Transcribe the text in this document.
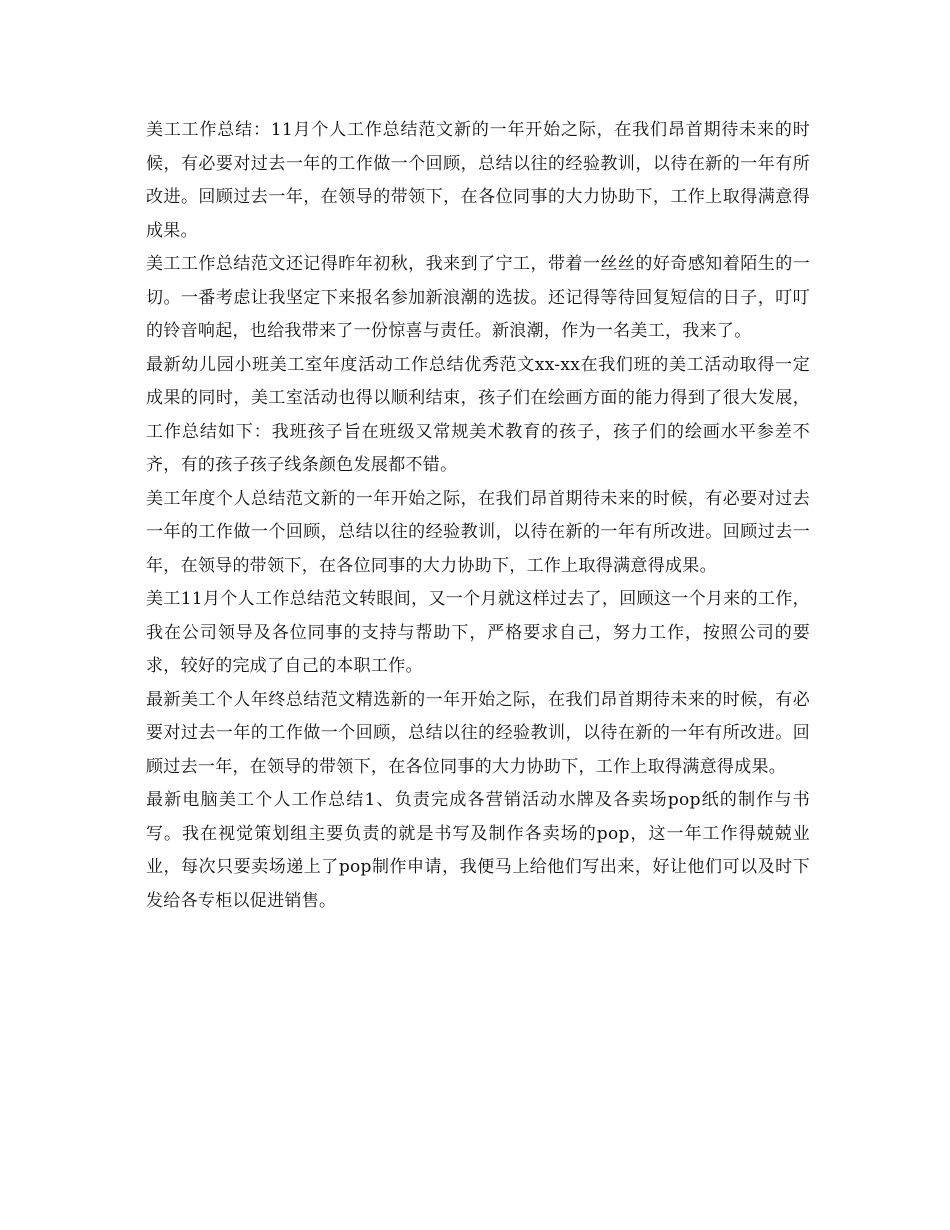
美工工作总结：11月个人工作总结范文新的一年开始之际，在我们昂首期待未来的时候，有必要对过去一年的工作做一个回顾，总结以往的经验教训，以待在新的一年有所改进。回顾过去一年，在领导的带领下，在各位同事的大力协助下，工作上取得满意得成果。

美工工作总结范文还记得昨年初秋，我来到了宁工，带着一丝丝的好奇感知着陌生的一切。一番考虑让我坚定下来报名参加新浪潮的选拔。还记得等待回复短信的日子，叮叮的铃音响起，也给我带来了一份惊喜与责任。新浪潮，作为一名美工，我来了。

最新幼儿园小班美工室年度活动工作总结优秀范文xx-xx在我们班的美工活动取得一定成果的同时，美工室活动也得以顺利结束，孩子们在绘画方面的能力得到了很大发展，工作总结如下：我班孩子旨在班级又常规美术教育的孩子，孩子们的绘画水平参差不齐，有的孩子孩子线条颜色发展都不错。

美工年度个人总结范文新的一年开始之际，在我们昂首期待未来的时候，有必要对过去一年的工作做一个回顾，总结以往的经验教训，以待在新的一年有所改进。回顾过去一年，在领导的带领下，在各位同事的大力协助下，工作上取得满意得成果。

美工11月个人工作总结范文转眼间，又一个月就这样过去了，回顾这一个月来的工作，我在公司领导及各位同事的支持与帮助下，严格要求自己，努力工作，按照公司的要求，较好的完成了自己的本职工作。

最新美工个人年终总结范文精选新的一年开始之际，在我们昂首期待未来的时候，有必要对过去一年的工作做一个回顾，总结以往的经验教训，以待在新的一年有所改进。回顾过去一年，在领导的带领下，在各位同事的大力协助下，工作上取得满意得成果。

最新电脑美工个人工作总结1、负责完成各营销活动水牌及各卖场pop纸的制作与书写。我在视觉策划组主要负责的就是书写及制作各卖场的pop，这一年工作得兢兢业业，每次只要卖场递上了pop制作申请，我便马上给他们写出来，好让他们可以及时下发给各专柜以促进销售。
